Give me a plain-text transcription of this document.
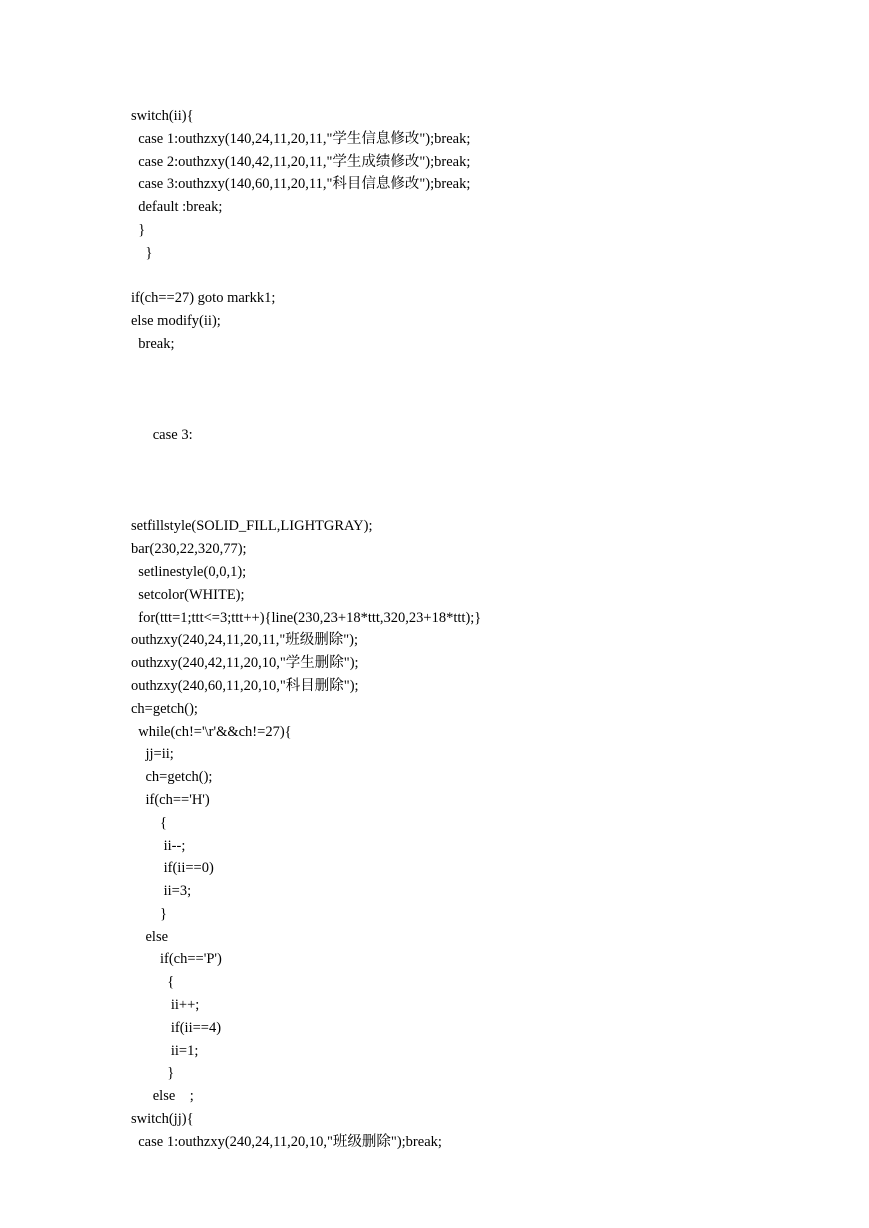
switch(ii){
case 1:outhzxy(140,24,11,20,11,"学生信息修改");break;
case 2:outhzxy(140,42,11,20,11,"学生成绩修改");break;
case 3:outhzxy(140,60,11,20,11,"科目信息修改");break;
default :break;
}
}
if(ch==27) goto markk1;
else modify(ii);
break;
case 3:
setfillstyle(SOLID_FILL,LIGHTGRAY);
bar(230,22,320,77);
setlinestyle(0,0,1);
setcolor(WHITE);
for(ttt=1;ttt<=3;ttt++){line(230,23+18*ttt,320,23+18*ttt);}
outhzxy(240,24,11,20,11,"班级删除");
outhzxy(240,42,11,20,10,"学生删除");
outhzxy(240,60,11,20,10,"科目删除");
ch=getch();
while(ch!='\r'&&ch!=27){
jj=ii;
ch=getch();
if(ch=='H')
{
ii--;
if(ii==0)
ii=3;
}
else
if(ch=='P')
{
ii++;
if(ii==4)
ii=1;
}
else    ;
switch(jj){
case 1:outhzxy(240,24,11,20,10,"班级删除");break;
